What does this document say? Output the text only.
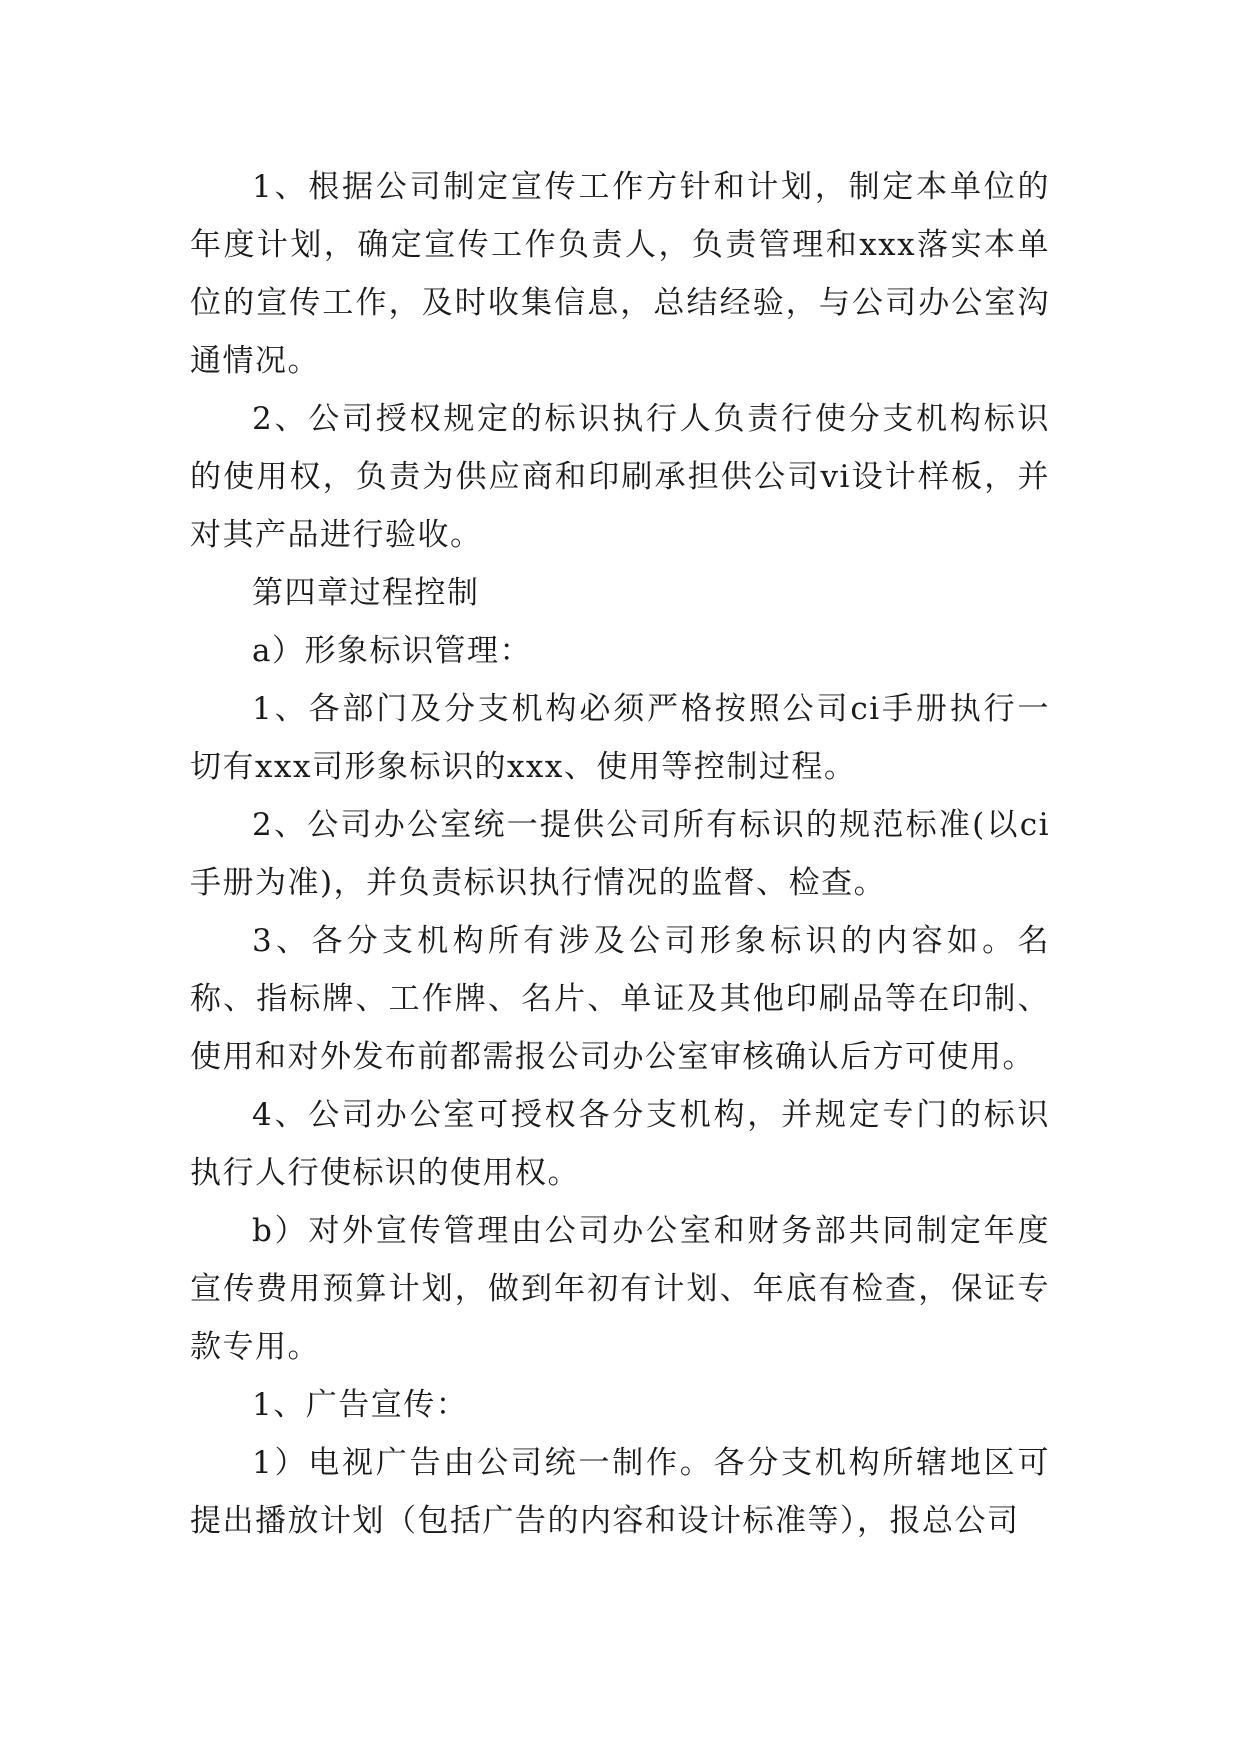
1、根据公司制定宣传工作方针和计划，制定本单位的年度计划，确定宣传工作负责人，负责管理和xxx落实本单位的宣传工作，及时收集信息，总结经验，与公司办公室沟通情况。

2、公司授权规定的标识执行人负责行使分支机构标识的使用权，负责为供应商和印刷承担供公司vi设计样板，并对其产品进行验收。

第四章过程控制

a）形象标识管理：

1、各部门及分支机构必须严格按照公司ci手册执行一切有xxx司形象标识的xxx、使用等控制过程。

2、公司办公室统一提供公司所有标识的规范标准(以ci手册为准)，并负责标识执行情况的监督、检查。

3、各分支机构所有涉及公司形象标识的内容如。名称、指标牌、工作牌、名片、单证及其他印刷品等在印制、使用和对外发布前都需报公司办公室审核确认后方可使用。

4、公司办公室可授权各分支机构，并规定专门的标识执行人行使标识的使用权。

b）对外宣传管理由公司办公室和财务部共同制定年度宣传费用预算计划，做到年初有计划、年底有检查，保证专款专用。

1、广告宣传：

1）电视广告由公司统一制作。各分支机构所辖地区可提出播放计划（包括广告的内容和设计标准等），报总公司
